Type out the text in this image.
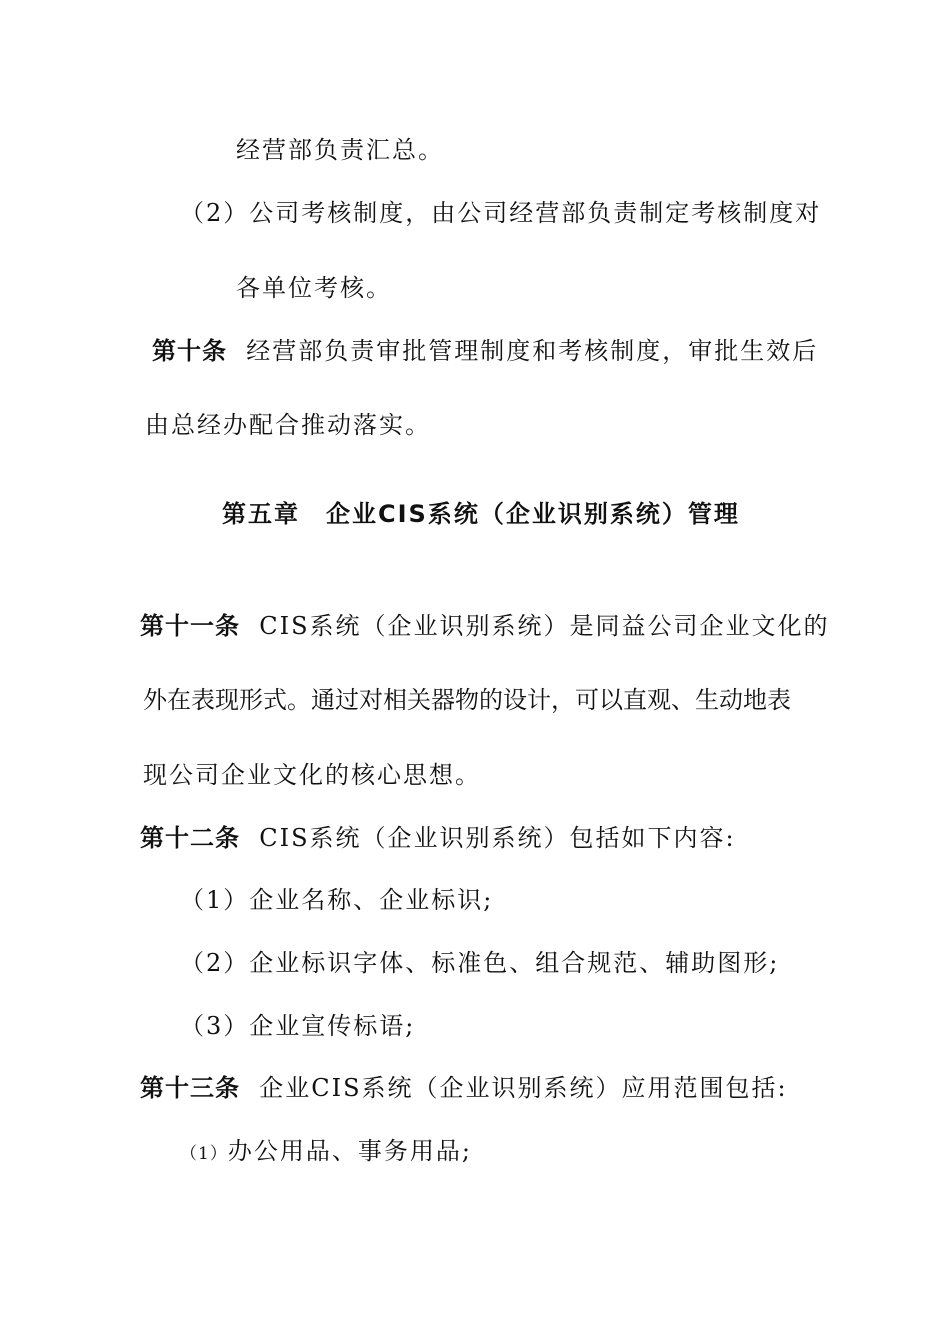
经营部负责汇总。
（2）公司考核制度，由公司经营部负责制定考核制度对
各单位考核。
第十条 经营部负责审批管理制度和考核制度，审批生效后
由总经办配合推动落实。
第五章　企业CIS系统（企业识别系统）管理
第十一条 CIS系统（企业识别系统）是同益公司企业文化的
外在表现形式。通过对相关器物的设计，可以直观、生动地表
现公司企业文化的核心思想。
第十二条 CIS系统（企业识别系统）包括如下内容:
（1）企业名称、企业标识;
（2）企业标识字体、标准色、组合规范、辅助图形;
（3）企业宣传标语;
第十三条 企业CIS系统（企业识别系统）应用范围包括:
（1）办公用品、事务用品;
